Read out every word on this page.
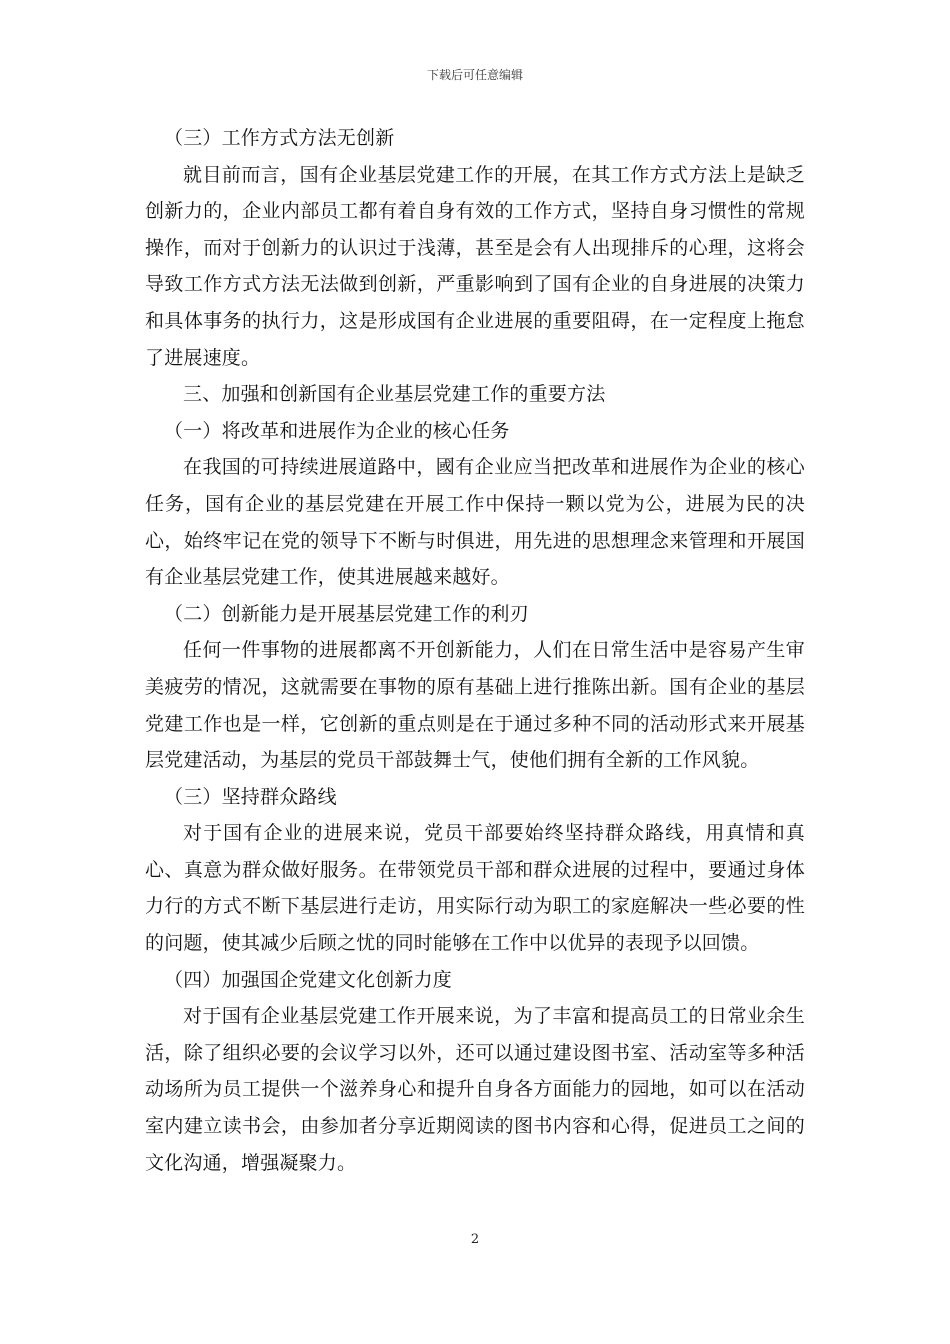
下载后可任意编辑

（三）工作方式方法无创新

就目前而言，国有企业基层党建工作的开展，在其工作方式方法上是缺乏创新力的，企业内部员工都有着自身有效的工作方式，坚持自身习惯性的常规操作，而对于创新力的认识过于浅薄，甚至是会有人出现排斥的心理，这将会导致工作方式方法无法做到创新，严重影响到了国有企业的自身进展的决策力和具体事务的执行力，这是形成国有企业进展的重要阻碍，在一定程度上拖怠了进展速度。

三、加强和创新国有企业基层党建工作的重要方法

（一）将改革和进展作为企业的核心任务

在我国的可持续进展道路中，國有企业应当把改革和进展作为企业的核心任务，国有企业的基层党建在开展工作中保持一颗以党为公，进展为民的决心，始终牢记在党的领导下不断与时俱进，用先进的思想理念来管理和开展国有企业基层党建工作，使其进展越来越好。

（二）创新能力是开展基层党建工作的利刃

任何一件事物的进展都离不开创新能力，人们在日常生活中是容易产生审美疲劳的情况，这就需要在事物的原有基础上进行推陈出新。国有企业的基层党建工作也是一样，它创新的重点则是在于通过多种不同的活动形式来开展基层党建活动，为基层的党员干部鼓舞士气，使他们拥有全新的工作风貌。

（三）坚持群众路线

对于国有企业的进展来说，党员干部要始终坚持群众路线，用真情和真心、真意为群众做好服务。在带领党员干部和群众进展的过程中，要通过身体力行的方式不断下基层进行走访，用实际行动为职工的家庭解决一些必要的性的问题，使其减少后顾之忧的同时能够在工作中以优异的表现予以回馈。

（四）加强国企党建文化创新力度

对于国有企业基层党建工作开展来说，为了丰富和提高员工的日常业余生活，除了组织必要的会议学习以外，还可以通过建设图书室、活动室等多种活动场所为员工提供一个滋养身心和提升自身各方面能力的园地，如可以在活动室内建立读书会，由参加者分享近期阅读的图书内容和心得，促进员工之间的文化沟通，增强凝聚力。

2
